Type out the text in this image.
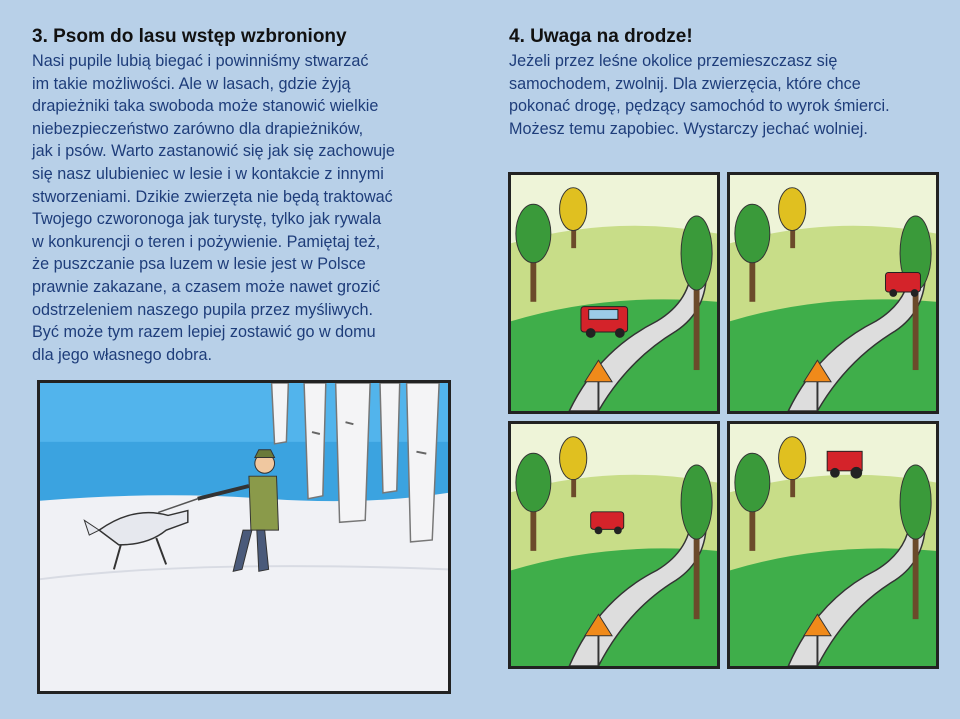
3. Psom do lasu wstęp wzbroniony

Nasi pupile lubią biegać i powinniśmy stwarzać
im takie możliwości. Ale w lasach, gdzie żyją
drapieżniki taka swoboda może stanowić wielkie
niebezpieczeństwo zarówno dla drapieżników,
jak i psów. Warto zastanowić się jak się zachowuje
się nasz ulubieniec w lesie i w kontakcie z innymi
stworzeniami. Dzikie zwierzęta nie będą traktować
Twojego czworonoga jak turystę, tylko jak rywala
w konkurencji o teren i pożywienie. Pamiętaj też,
że puszczanie psa luzem w lesie jest w Polsce
prawnie zakazane, a czasem może nawet grozić
odstrzeleniem naszego pupila przez myśliwych.
Być może tym razem lepiej zostawić go w domu
dla jego własnego dobra.

4. Uwaga na drodze!

Jeżeli przez leśne okolice przemieszczasz się
samochodem, zwolnij. Dla zwierzęcia, które chce
pokonać drogę, pędzący samochód to wyrok śmierci.
Możesz temu zapobiec. Wystarczy jechać wolniej.
